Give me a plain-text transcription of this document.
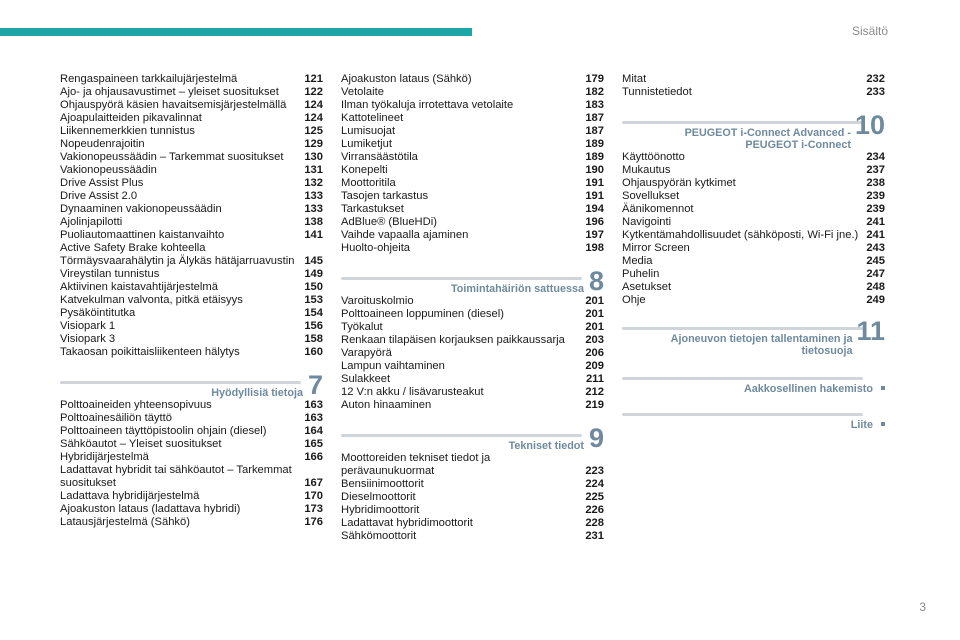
Sisältö
Rengaspaineen tarkkailujärjestelmä	121
Ajo- ja ohjausavustimet – yleiset suositukset	122
Ohjauspyörä käsien havaitsemisjärjestelmällä	124
Ajoapulaitteiden pikavalinnat	124
Liikennemerkkien tunnistus	125
Nopeudenrajoitin	129
Vakionopeussäädin – Tarkemmat suositukset	130
Vakionopeussäädin	131
Drive Assist Plus	132
Drive Assist 2.0	133
Dynaaminen vakionopeussäädin	133
Ajolinjapilotti	138
Puoliautomaattinen kaistanvaihto	141
Active Safety Brake kohteella Törmäysvaarahälytin ja Älykäs hätäjarruavustin 145
Vireystilan tunnistus	149
Aktiivinen kaistavahtijärjestelmä	150
Katvekulman valvonta, pitkä etäisyys	153
Pysäköintitutka	154
Visiopark 1	156
Visiopark 3	158
Takaosan poikittaisliikenteen hälytys	160
Hyödyllisiä tietoja 7
Polttoaineiden yhteensopivuus	163
Polttoainesäiliön täyttö	163
Polttoaineen täyttöpistoolin ohjain (diesel)	164
Sähköautot – Yleiset suositukset	165
Hybridijärjestelmä	166
Ladattavat hybridit tai sähköautot – Tarkemmat suositukset	167
Ladattava hybridijärjestelmä	170
Ajoakuston lataus (ladattava hybridi)	173
Latausjärjestelmä (Sähkö)	176
Ajoakuston lataus (Sähkö)	179
Vetolaite	182
Ilman työkaluja irrotettava vetolaite	183
Kattotelineet	187
Lumisuojat	187
Lumiketjut	189
Virransäästötila	189
Konepelti	190
Moottoritila	191
Tasojen tarkastus	191
Tarkastukset	194
AdBlue® (BlueHDi)	196
Vaihde vapaalla ajaminen	197
Huolto-ohjeita	198
Toimintahäiriön sattuessa 8
Varoituskolmio	201
Polttoaineen loppuminen (diesel)	201
Työkalut	201
Renkaan tilapäisen korjauksen paikkaussarja	203
Varapyörä	206
Lampun vaihtaminen	209
Sulakkeet	211
12 V:n akku / lisävarusteakut	212
Auton hinaaminen	219
Tekniset tiedot 9
Moottoreiden tekniset tiedot ja perävaunukuormat	223
Bensiinimoottorit	224
Dieselmoottorit	225
Hybridimoottorit	226
Ladattavat hybridimoottorit	228
Sähkömoottorit	231
Mitat	232
Tunnistetiedot	233
PEUGEOT i-Connect Advanced - PEUGEOT i-Connect
10
Käyttöönotto	234
Mukautus	237
Ohjauspyörän kytkimet	238
Sovellukset	239
Äänikomennot	239
Navigointi	241
Kytkentämahdollisuudet (sähköposti, Wi-Fi jne.) 241
Mirror Screen	243
Media	245
Puhelin	247
Asetukset	248
Ohje	249
Ajoneuvon tietojen tallentaminen ja tietosuoja
11
Aakkosellinen hakemisto
Liite
3
